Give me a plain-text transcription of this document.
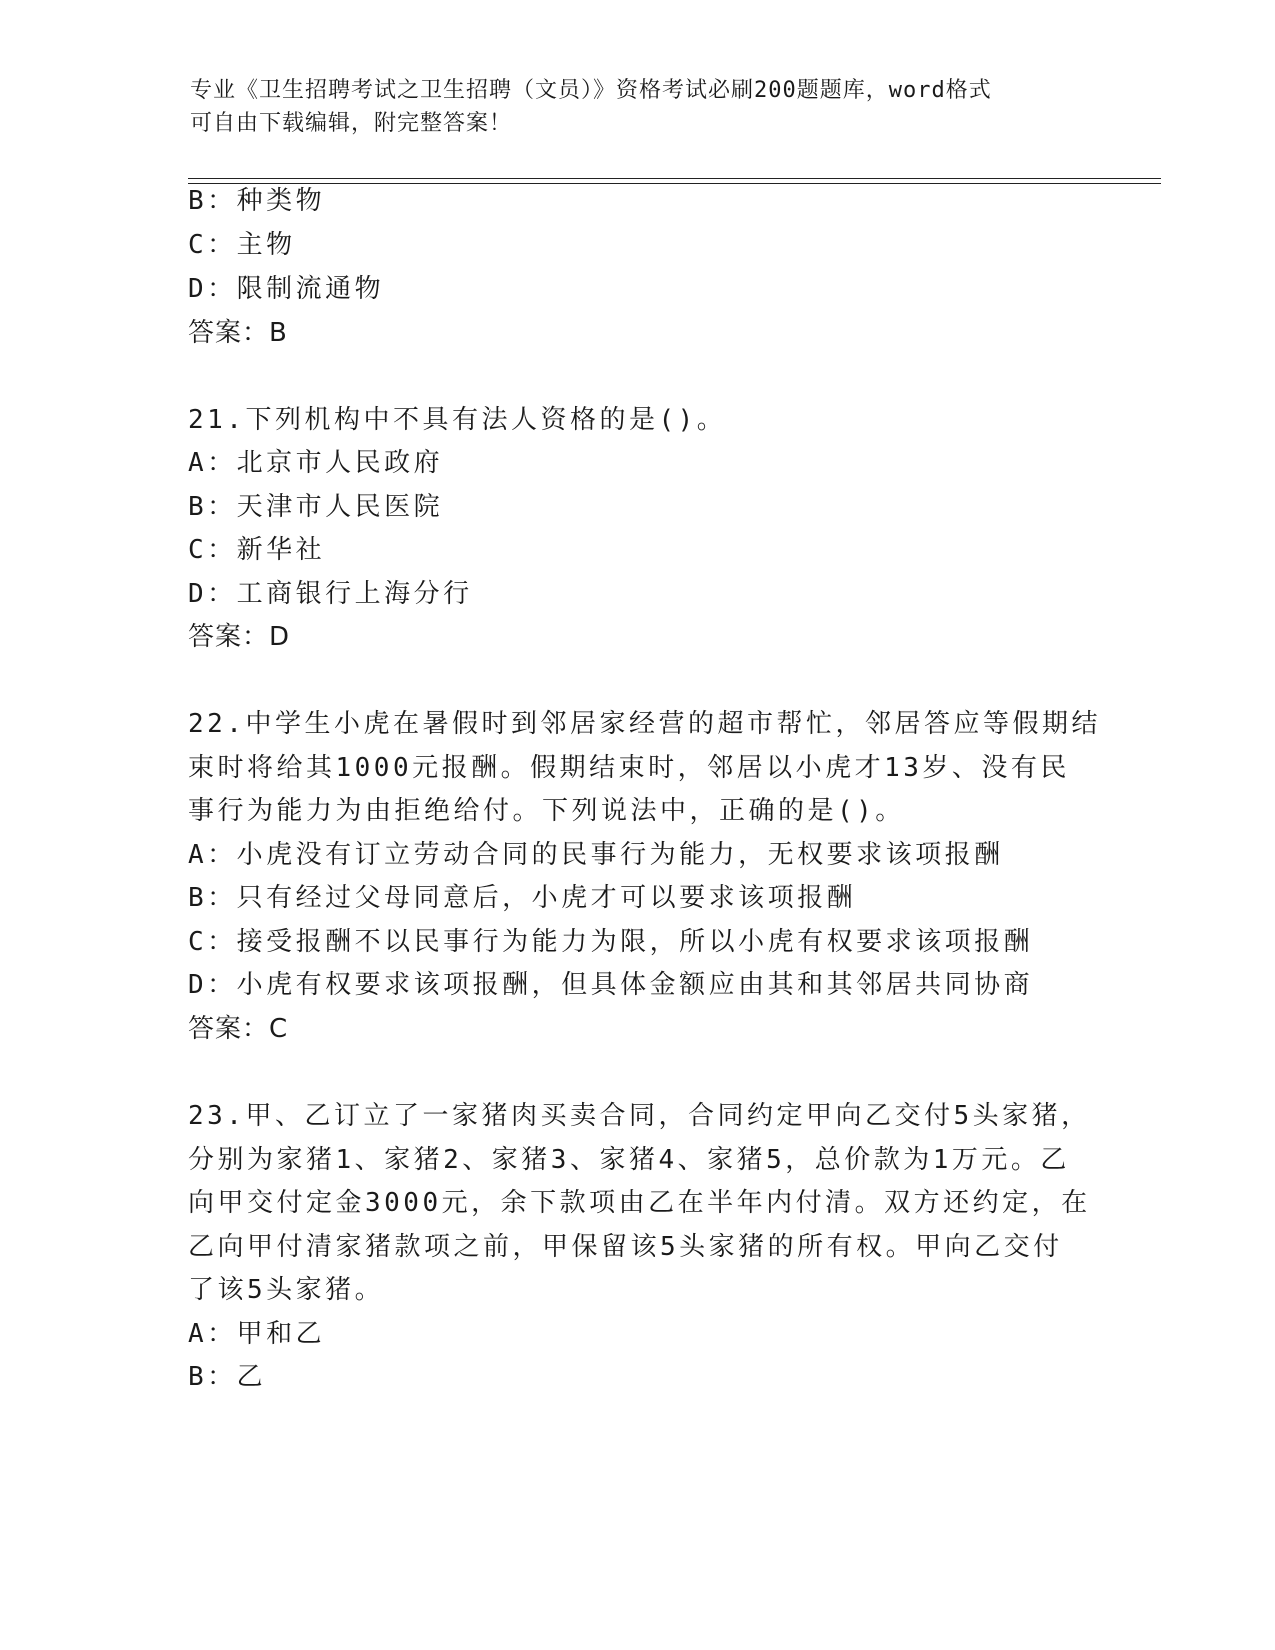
专业《卫生招聘考试之卫生招聘（文员）》资格考试必刷200题题库，word格式
可自由下载编辑，附完整答案！
B：种类物
C：主物
D：限制流通物
答案：B
21.下列机构中不具有法人资格的是()。
A：北京市人民政府
B：天津市人民医院
C：新华社
D：工商银行上海分行
答案：D
22.中学生小虎在暑假时到邻居家经营的超市帮忙，邻居答应等假期结
束时将给其1000元报酬。假期结束时，邻居以小虎才13岁、没有民
事行为能力为由拒绝给付。下列说法中，正确的是()。
A：小虎没有订立劳动合同的民事行为能力，无权要求该项报酬
B：只有经过父母同意后，小虎才可以要求该项报酬
C：接受报酬不以民事行为能力为限，所以小虎有权要求该项报酬
D：小虎有权要求该项报酬，但具体金额应由其和其邻居共同协商
答案：C
23.甲、乙订立了一家猪肉买卖合同，合同约定甲向乙交付5头家猪，
分别为家猪1、家猪2、家猪3、家猪4、家猪5，总价款为1万元。乙
向甲交付定金3000元，余下款项由乙在半年内付清。双方还约定，在
乙向甲付清家猪款项之前，甲保留该5头家猪的所有权。甲向乙交付
了该5头家猪。
A：甲和乙
B：乙
